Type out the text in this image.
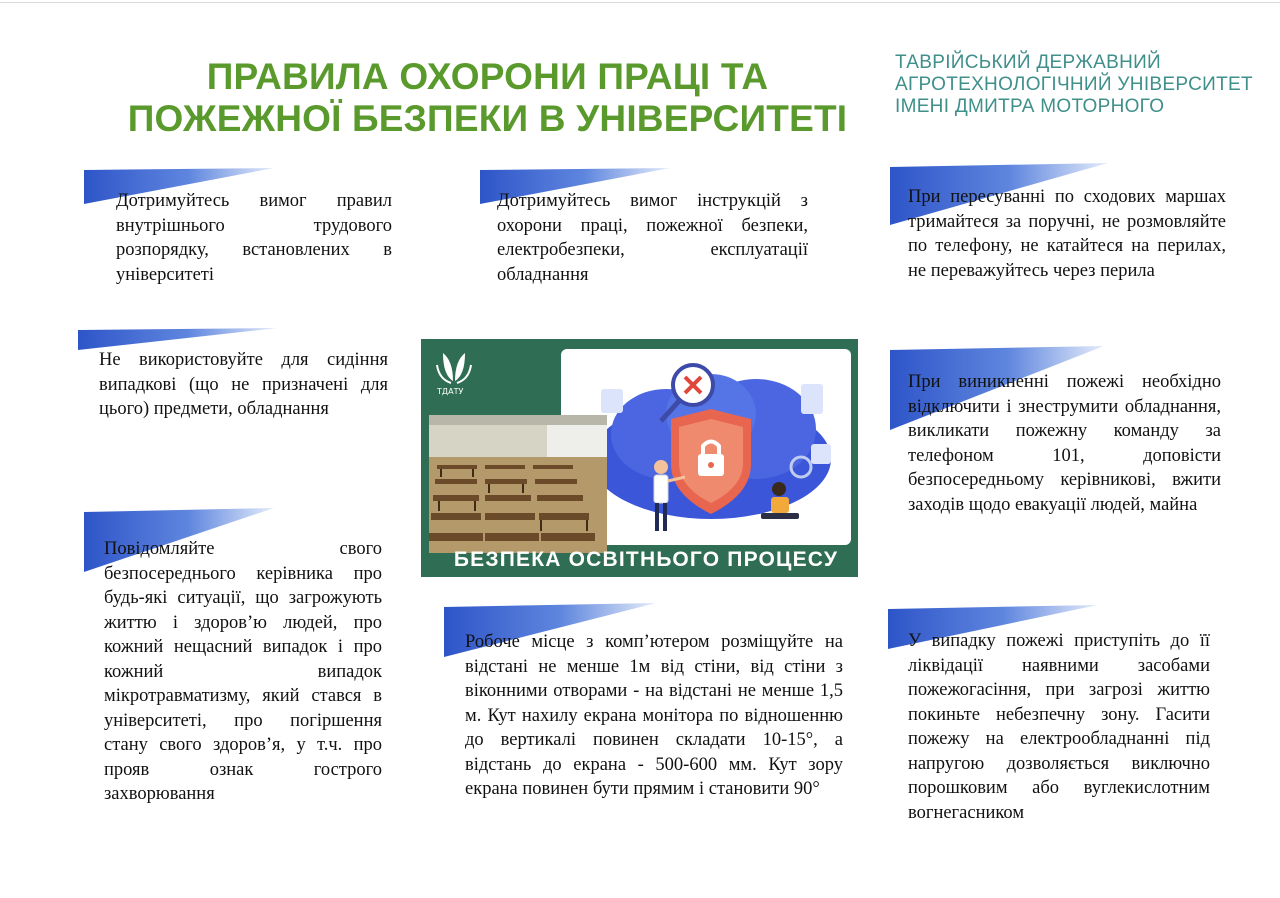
ПРАВИЛА ОХОРОНИ ПРАЦІ ТА
ПОЖЕЖНОЇ БЕЗПЕКИ В УНІВЕРСИТЕТІ
ТАВРІЙСЬКИЙ ДЕРЖАВНИЙ
АГРОТЕХНОЛОГІЧНИЙ УНІВЕРСИТЕТ
ІМЕНІ ДМИТРА МОТОРНОГО

Дотримуйтесь вимог правил внутрішнього трудового розпорядку, встановлених в університеті

Дотримуйтесь вимог інструкцій з охорони праці, пожежної безпеки, електробезпеки, експлуатації обладнання

При пересуванні по сходових маршах тримайтеся за поручні, не розмовляйте по телефону, не катайтеся на перилах, не переважуйтесь через перила

Не використовуйте для сидіння випадкові (що не призначені для цього) предмети, обладнання

При виникненні пожежі необхідно відключити і знеструмити обладнання, викликати пожежну команду за телефоном 101, доповісти безпосередньому керівникові, вжити заходів щодо евакуації людей, майна

Повідомляйте свого безпосереднього керівника про будь-які ситуації, що загрожують життю і здоров’ю людей, про кожний нещасний випадок і про кожний випадок мікротравматизму, який стався в університеті, про погіршення стану свого здоров’я, у т.ч. про прояв ознак гострого захворювання

Робоче місце з комп’ютером розміщуйте на відстані не менше 1м від стіни, від стіни з віконними отворами - на відстані не менше 1,5 м. Кут нахилу екрана монітора по відношенню до вертикалі повинен складати 10-15°, а відстань до екрана - 500-600 мм. Кут зору екрана повинен бути прямим і становити 90°

У випадку пожежі приступіть до її ліквідації наявними засобами пожежогасіння, при загрозі життю покиньте небезпечну зону. Гасити пожежу на електрообладнанні під напругою дозволяється виключно порошковим або вуглекислотним вогнегасником

ТДАТУ
БЕЗПЕКА ОСВІТНЬОГО ПРОЦЕСУ
